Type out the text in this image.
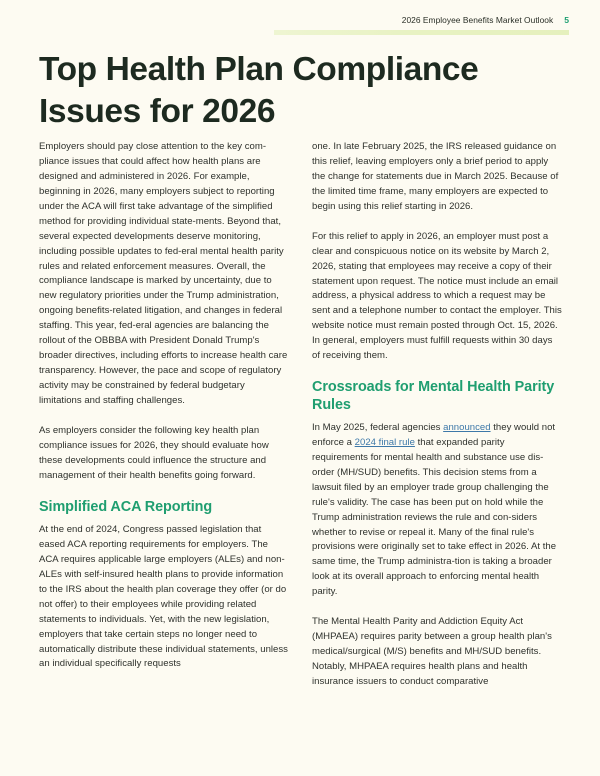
2026 Employee Benefits Market Outlook 5
Top Health Plan Compliance Issues for 2026

Employers should pay close attention to the key com-pliance issues that could affect how health plans are designed and administered in 2026. For example, beginning in 2026, many employers subject to reporting under the ACA will first take advantage of the simplified method for providing individual state-ments. Beyond that, several expected developments deserve monitoring, including possible updates to fed-eral mental health parity rules and related enforcement measures. Overall, the compliance landscape is marked by uncertainty, due to new regulatory priorities under the Trump administration, ongoing benefits-related litigation, and changes in federal staffing. This year, fed-eral agencies are balancing the rollout of the OBBBA with President Donald Trump's broader directives, including efforts to increase health care transparency. However, the pace and scope of regulatory activity may be constrained by federal budgetary limitations and staffing challenges.

As employers consider the following key health plan compliance issues for 2026, they should evaluate how these developments could influence the structure and management of their health benefits going forward.

Simplified ACA Reporting

At the end of 2024, Congress passed legislation that eased ACA reporting requirements for employers. The ACA requires applicable large employers (ALEs) and non-ALEs with self-insured health plans to provide information to the IRS about the health plan coverage they offer (or do not offer) to their employees while providing related statements to individuals. Yet, with the new legislation, employers that take certain steps no longer need to automatically distribute these individual statements, unless an individual specifically requests

one. In late February 2025, the IRS released guidance on this relief, leaving employers only a brief period to apply the change for statements due in March 2025. Because of the limited time frame, many employers are expected to begin using this relief starting in 2026.

For this relief to apply in 2026, an employer must post a clear and conspicuous notice on its website by March 2, 2026, stating that employees may receive a copy of their statement upon request. The notice must include an email address, a physical address to which a request may be sent and a telephone number to contact the employer. This website notice must remain posted through Oct. 15, 2026. In general, employers must fulfill requests within 30 days of receiving them.

Crossroads for Mental Health Parity Rules

In May 2025, federal agencies announced they would not enforce a 2024 final rule that expanded parity requirements for mental health and substance use dis-order (MH/SUD) benefits. This decision stems from a lawsuit filed by an employer trade group challenging the rule's validity. The case has been put on hold while the Trump administration reviews the rule and con-siders whether to revise or repeal it. Many of the final rule's provisions were originally set to take effect in 2026. At the same time, the Trump administra-tion is taking a broader look at its overall approach to enforcing mental health parity.

The Mental Health Parity and Addiction Equity Act (MHPAEA) requires parity between a group health plan's medical/surgical (M/S) benefits and MH/SUD benefits. Notably, MHPAEA requires health plans and health insurance issuers to conduct comparative
